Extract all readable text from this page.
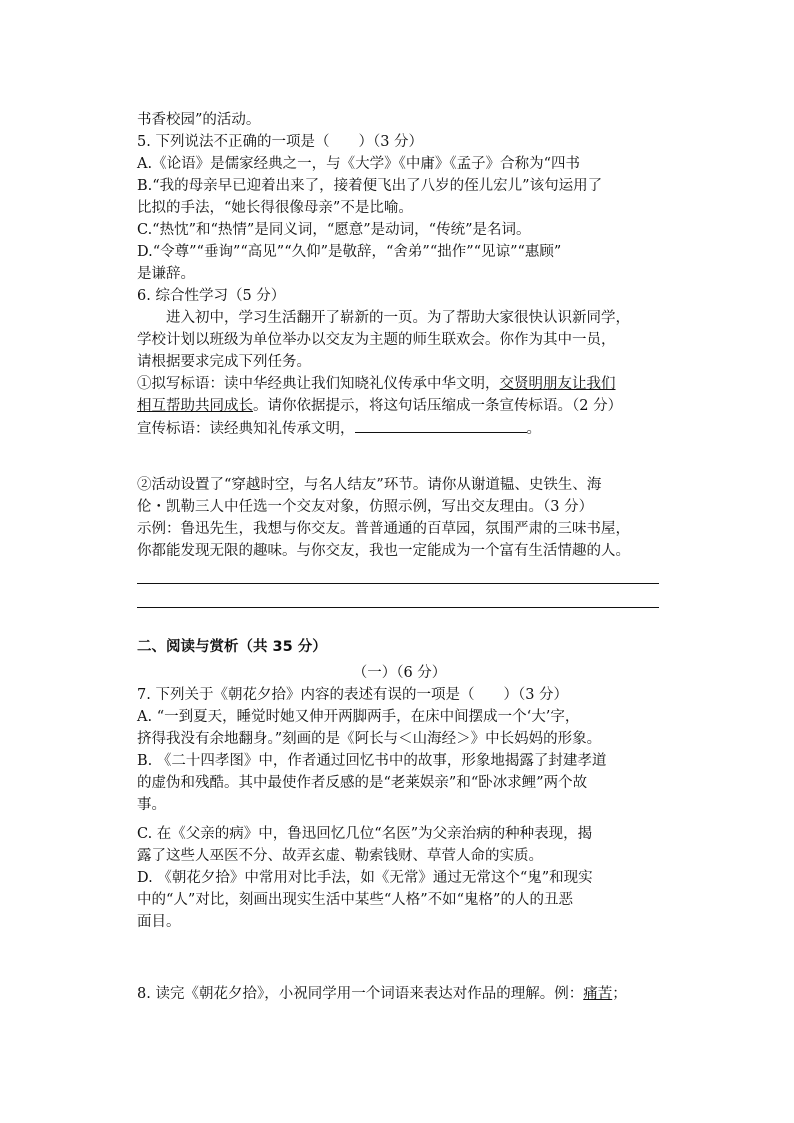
书香校园”的活动。
5. 下列说法不正确的一项是（　　）（3 分）
A.《论语》是儒家经典之一，与《大学》《中庸》《孟子》合称为“四书
B.“我的母亲早已迎着出来了，接着便飞出了八岁的侄儿宏儿”该句运用了
比拟的手法，“她长得很像母亲”不是比喻。
C.“热忱”和“热情”是同义词，“愿意”是动词，“传统”是名词。
D.“令尊”“垂询”“高见”“久仰”是敬辞，“舍弟”“拙作”“见谅”“惠顾”
是谦辞。
6. 综合性学习（5 分）
　　进入初中，学习生活翻开了崭新的一页。为了帮助大家很快认识新同学，
学校计划以班级为单位举办以交友为主题的师生联欢会。你作为其中一员，
请根据要求完成下列任务。
①拟写标语：读中华经典让我们知晓礼仪传承中华文明，交贤明朋友让我们
相互帮助共同成长。请你依据提示，将这句话压缩成一条宣传标语。（2 分）
宣传标语：读经典知礼传承文明，	。
②活动设置了“穿越时空，与名人结友”环节。请你从谢道韫、史铁生、海
伦・凯勒三人中任选一个交友对象，仿照示例，写出交友理由。（3 分）
示例：鲁迅先生，我想与你交友。普普通通的百草园，氛围严肃的三味书屋，
你都能发现无限的趣味。与你交友，我也一定能成为一个富有生活情趣的人。
二、阅读与赏析（共 35 分）
（一）（6 分）
7. 下列关于《朝花夕拾》内容的表述有误的一项是（　　）（3 分）
A. “一到夏天，睡觉时她又伸开两脚两手，在床中间摆成一个‘大’字，
挤得我没有余地翻身。”刻画的是《阿长与＜山海经＞》中长妈妈的形象。
B. 《二十四孝图》中，作者通过回忆书中的故事，形象地揭露了封建孝道
的虚伪和残酷。其中最使作者反感的是“老莱娱亲”和“卧冰求鲤”两个故
事。
C. 在《父亲的病》中，鲁迅回忆几位“名医”为父亲治病的种种表现，揭
露了这些人巫医不分、故弄玄虚、勒索钱财、草菅人命的实质。
D. 《朝花夕拾》中常用对比手法，如《无常》通过无常这个“鬼”和现实
中的“人”对比，刻画出现实生活中某些“人格”不如“鬼格”的人的丑恶
面目。
8. 读完《朝花夕拾》，小祝同学用一个词语来表达对作品的理解。例：痛苦；
